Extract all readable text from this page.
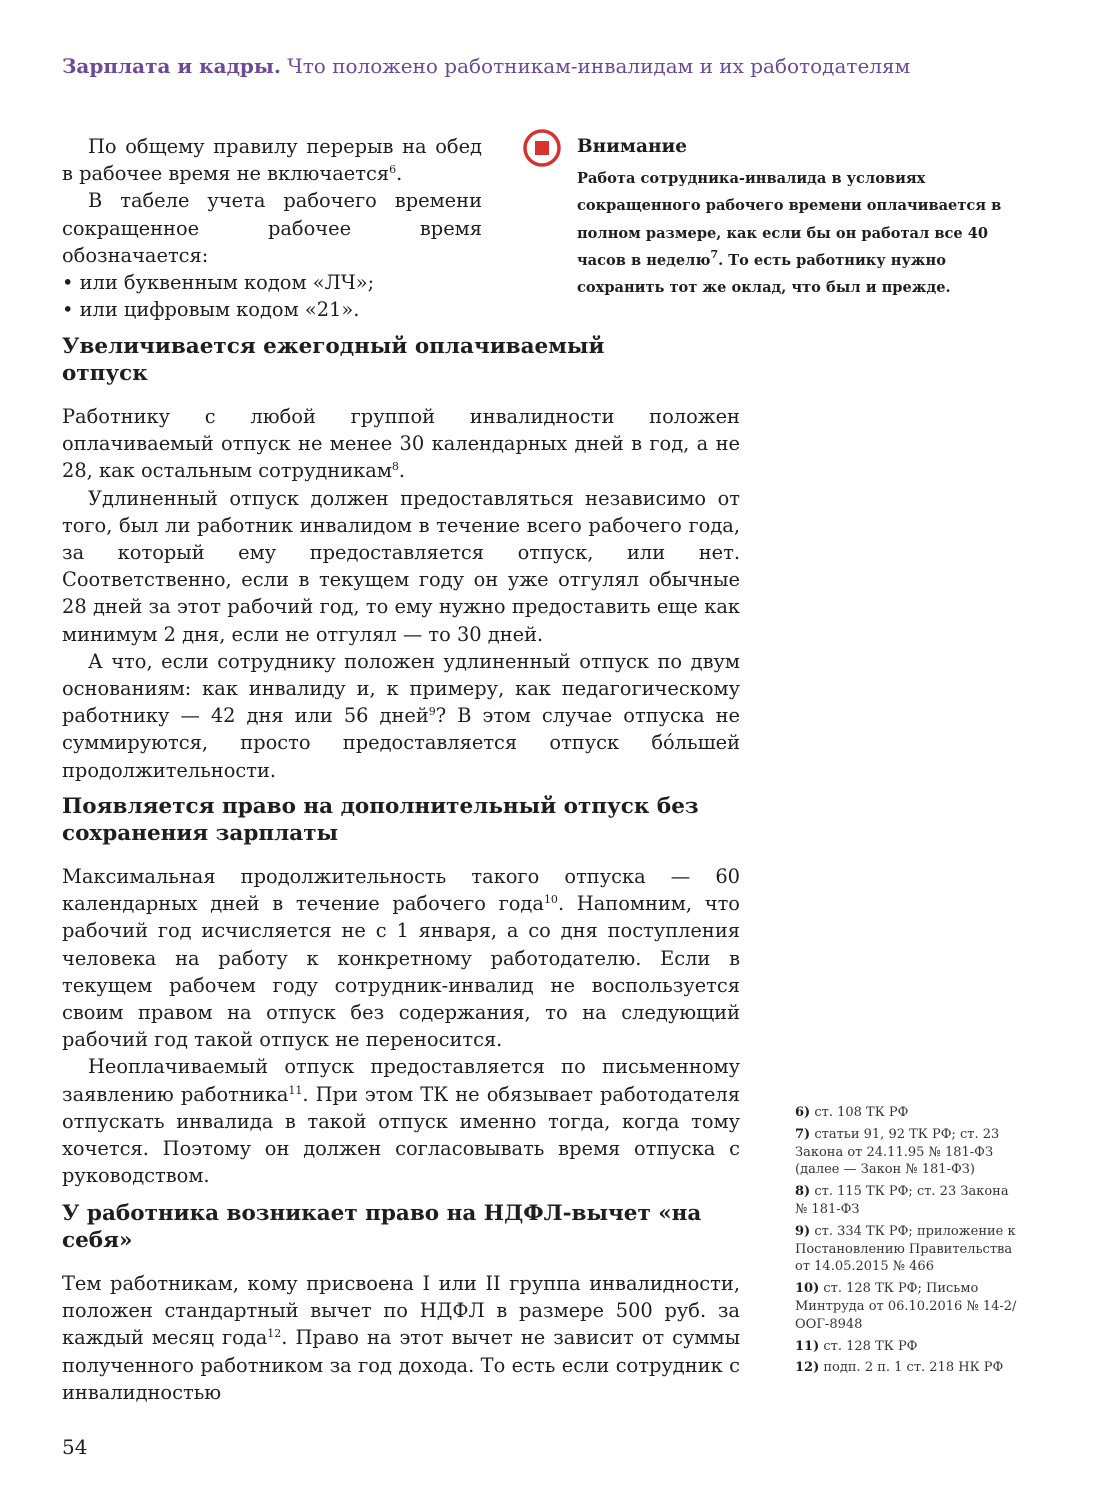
Зарплата и кадры. Что положено работникам-инвалидам и их работодателям

По общему правилу перерыв на обед в рабочее время не включается$^6$.

В табеле учета рабочего времени сокращенное рабочее время обозначается:

• или буквенным кодом «ЛЧ»;

• или цифровым кодом «21».

Внимание
Работа сотрудника-инвалида в условиях сокращенного рабочего времени оплачивается в полном размере, как если бы он работал все 40 часов в неделю$^7$. То есть работнику нужно сохранить тот же оклад, что был и прежде.
Увеличивается ежегодный оплачиваемый отпуск

Работнику с любой группой инвалидности положен оплачиваемый отпуск не менее 30 календарных дней в год, а не 28, как остальным сотрудникам$^8$.

Удлиненный отпуск должен предоставляться независимо от того, был ли работник инвалидом в течение всего рабочего года, за который ему предоставляется отпуск, или нет. Соответственно, если в текущем году он уже отгулял обычные 28 дней за этот рабочий год, то ему нужно предоставить еще как минимум 2 дня, если не отгулял — то 30 дней.

А что, если сотруднику положен удлиненный отпуск по двум основаниям: как инвалиду и, к примеру, как педагогическому работнику — 42 дня или 56 дней$^9$? В этом случае отпуска не суммируются, просто предоставляется отпуск бóльшей продолжительности.

Появляется право на дополнительный отпуск без сохранения зарплаты

Максимальная продолжительность такого отпуска — 60 календарных дней в течение рабочего года$^{10}$. Напомним, что рабочий год исчисляется не с 1 января, а со дня поступления человека на работу к конкретному работодателю. Если в текущем рабочем году сотрудник-инвалид не воспользуется своим правом на отпуск без содержания, то на следующий рабочий год такой отпуск не переносится.

Неоплачиваемый отпуск предоставляется по письменному заявлению работника$^{11}$. При этом ТК не обязывает работодателя отпускать инвалида в такой отпуск именно тогда, когда тому хочется. Поэтому он должен согласовывать время отпуска с руководством.

У работника возникает право на НДФЛ-вычет «на себя»

Тем работникам, кому присвоена I или II группа инвалидности, положен стандартный вычет по НДФЛ в размере 500 руб. за каждый месяц года$^{12}$. Право на этот вычет не зависит от суммы полученного работником за год дохода. То есть если сотрудник с инвалидностью

6) ст. 108 ТК РФ
7) статьи 91, 92 ТК РФ; ст. 23 Закона от 24.11.95 № 181-ФЗ (далее — Закон № 181-ФЗ)
8) ст. 115 ТК РФ; ст. 23 Закона № 181-ФЗ
9) ст. 334 ТК РФ; приложение к Постановлению Правительства от 14.05.2015 № 466
10) ст. 128 ТК РФ; Письмо Минтруда от 06.10.2016 № 14-2/ООГ-8948
11) ст. 128 ТК РФ
12) подп. 2 п. 1 ст. 218 НК РФ
54
